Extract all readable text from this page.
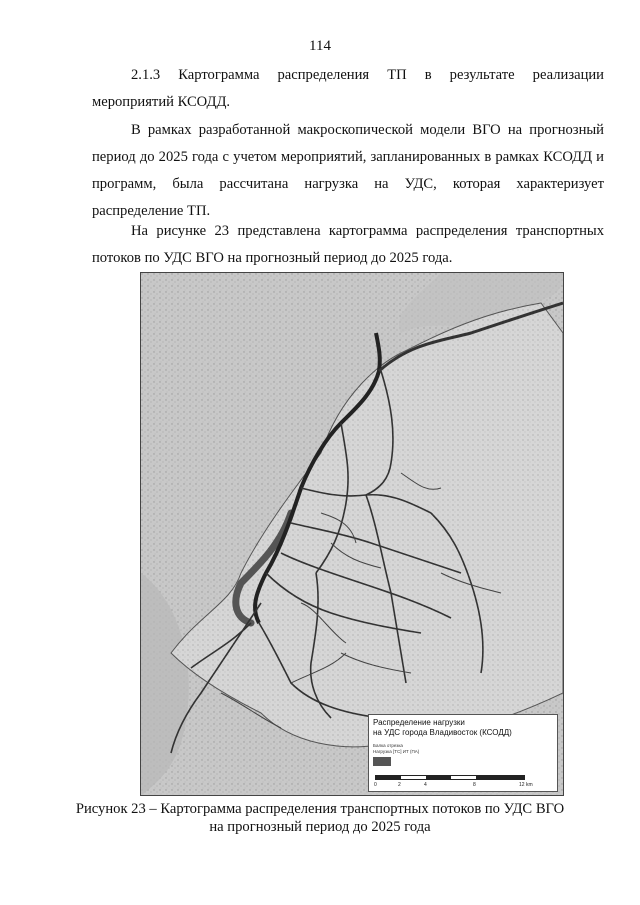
114

2.1.3 Картограмма распределения ТП в результате реализации
мероприятий КСОДД.

В рамках разработанной макроскопической модели ВГО на прогнозный период до 2025 года с учетом мероприятий, запланированных в рамках КСОДД и программ, была рассчитана нагрузка на УДС, которая характеризует распределение ТП.

На рисунке 23 представлена картограмма распределения транспортных потоков по УДС ВГО на прогнозный период до 2025 года.

Распределение нагрузки
на УДС города Владивосток (КСОДД)
Балка отрезка
Нагрузка [ТС] ИТ (ПА)
0	2	4	8	12 km
Рисунок 23 – Картограмма распределения транспортных потоков по УДС ВГО
на прогнозный период до 2025 года
